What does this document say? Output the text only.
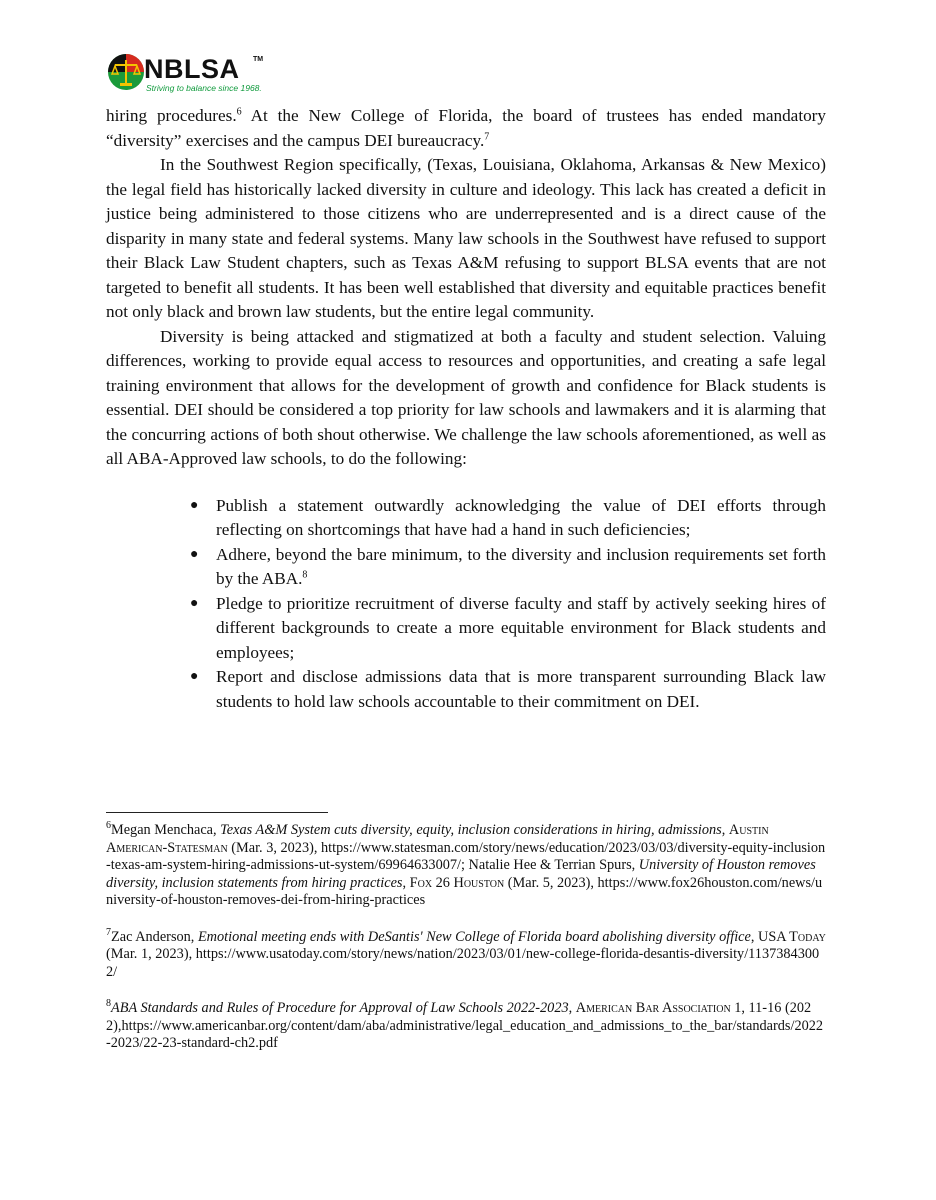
NBLSA TM
Striving to balance since 1968.

hiring procedures.$^6$ At the New College of Florida, the board of trustees has ended mandatory “diversity” exercises and the campus DEI bureaucracy.$^7$

In the Southwest Region specifically, (Texas, Louisiana, Oklahoma, Arkansas & New Mexico) the legal field has historically lacked diversity in culture and ideology. This lack has created a deficit in justice being administered to those citizens who are underrepresented and is a direct cause of the disparity in many state and federal systems. Many law schools in the Southwest have refused to support their Black Law Student chapters, such as Texas A&M refusing to support BLSA events that are not targeted to benefit all students. It has been well established that diversity and equitable practices benefit not only black and brown law students, but the entire legal community.

Diversity is being attacked and stigmatized at both a faculty and student selection. Valuing differences, working to provide equal access to resources and opportunities, and creating a safe legal training environment that allows for the development of growth and confidence for Black students is essential. DEI should be considered a top priority for law schools and lawmakers and it is alarming that the concurring actions of both shout otherwise. We challenge the law schools aforementioned, as well as all ABA-Approved law schools, to do the following:

● Publish a statement outwardly acknowledging the value of DEI efforts through reflecting on shortcomings that have had a hand in such deficiencies;
● Adhere, beyond the bare minimum, to the diversity and inclusion requirements set forth by the ABA.$^8$
● Pledge to prioritize recruitment of diverse faculty and staff by actively seeking hires of different backgrounds to create a more equitable environment for Black students and employees;
● Report and disclose admissions data that is more transparent surrounding Black law students to hold law schools accountable to their commitment on DEI.

$^6$Megan Menchaca, Texas A&M System cuts diversity, equity, inclusion considerations in hiring, admissions, Austin American-Statesman (Mar. 3, 2023), https://www.statesman.com/story/news/education/2023/03/03/diversity-equity-inclusion-texas-am-system-hiring-admissions-ut-system/69964633007/; Natalie Hee & Terrian Spurs, University of Houston removes diversity, inclusion statements from hiring practices, Fox 26 Houston (Mar. 5, 2023), https://www.fox26houston.com/news/university-of-houston-removes-dei-from-hiring-practices

$^7$Zac Anderson, Emotional meeting ends with DeSantis' New College of Florida board abolishing diversity office, USA Today (Mar. 1, 2023), https://www.usatoday.com/story/news/nation/2023/03/01/new-college-florida-desantis-diversity/11373843002/

$^8$ABA Standards and Rules of Procedure for Approval of Law Schools 2022-2023, American Bar Association 1, 11-16 (2022),https://www.americanbar.org/content/dam/aba/administrative/legal_education_and_admissions_to_the_bar/standards/2022-2023/22-23-standard-ch2.pdf
